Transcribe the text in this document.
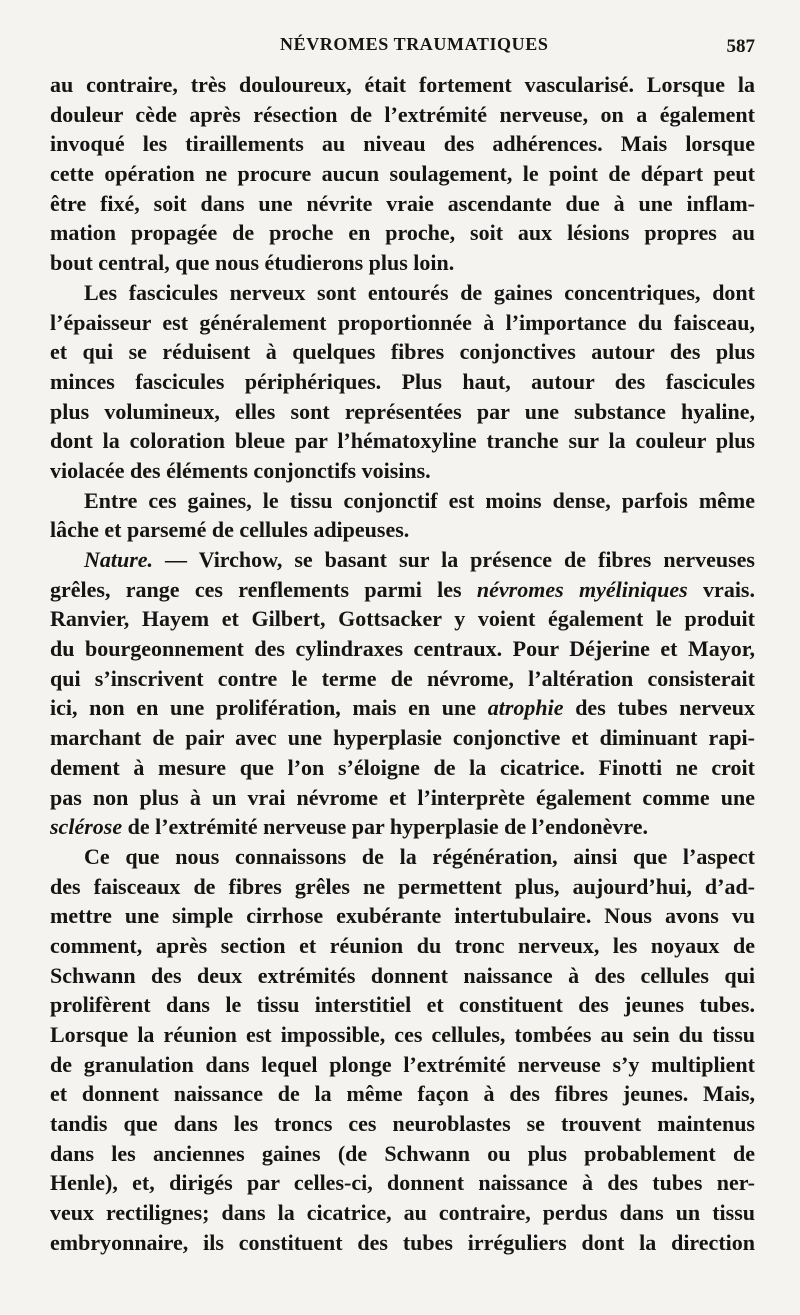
NÉVROMES TRAUMATIQUES	587
au contraire, très douloureux, était fortement vascularisé. Lorsque la
douleur cède après résection de l’extrémité nerveuse, on a également
invoqué les tiraillements au niveau des adhérences. Mais lorsque
cette opération ne procure aucun soulagement, le point de départ peut
être fixé, soit dans une névrite vraie ascendante due à une inflam-
mation propagée de proche en proche, soit aux lésions propres au
bout central, que nous étudierons plus loin.
Les fascicules nerveux sont entourés de gaines concentriques, dont
l’épaisseur est généralement proportionnée à l’importance du faisceau,
et qui se réduisent à quelques fibres conjonctives autour des plus
minces fascicules périphériques. Plus haut, autour des fascicules
plus volumineux, elles sont représentées par une substance hyaline,
dont la coloration bleue par l’hématoxyline tranche sur la couleur plus
violacée des éléments conjonctifs voisins.
Entre ces gaines, le tissu conjonctif est moins dense, parfois même
lâche et parsemé de cellules adipeuses.
Nature. — Virchow, se basant sur la présence de fibres nerveuses
grêles, range ces renflements parmi les névromes myéliniques vrais.
Ranvier, Hayem et Gilbert, Gottsacker y voient également le produit
du bourgeonnement des cylindraxes centraux. Pour Déjerine et Mayor,
qui s’inscrivent contre le terme de névrome, l’altération consisterait
ici, non en une prolifération, mais en une atrophie des tubes nerveux
marchant de pair avec une hyperplasie conjonctive et diminuant rapi-
dement à mesure que l’on s’éloigne de la cicatrice. Finotti ne croit
pas non plus à un vrai névrome et l’interprète également comme une
sclérose de l’extrémité nerveuse par hyperplasie de l’endonèvre.
Ce que nous connaissons de la régénération, ainsi que l’aspect
des faisceaux de fibres grêles ne permettent plus, aujourd’hui, d’ad-
mettre une simple cirrhose exubérante intertubulaire. Nous avons vu
comment, après section et réunion du tronc nerveux, les noyaux de
Schwann des deux extrémités donnent naissance à des cellules qui
prolifèrent dans le tissu interstitiel et constituent des jeunes tubes.
Lorsque la réunion est impossible, ces cellules, tombées au sein du tissu
de granulation dans lequel plonge l’extrémité nerveuse s’y multiplient
et donnent naissance de la même façon à des fibres jeunes. Mais,
tandis que dans les troncs ces neuroblastes se trouvent maintenus
dans les anciennes gaines (de Schwann ou plus probablement de
Henle), et, dirigés par celles-ci, donnent naissance à des tubes ner-
veux rectilignes; dans la cicatrice, au contraire, perdus dans un tissu
embryonnaire, ils constituent des tubes irréguliers dont la direction
